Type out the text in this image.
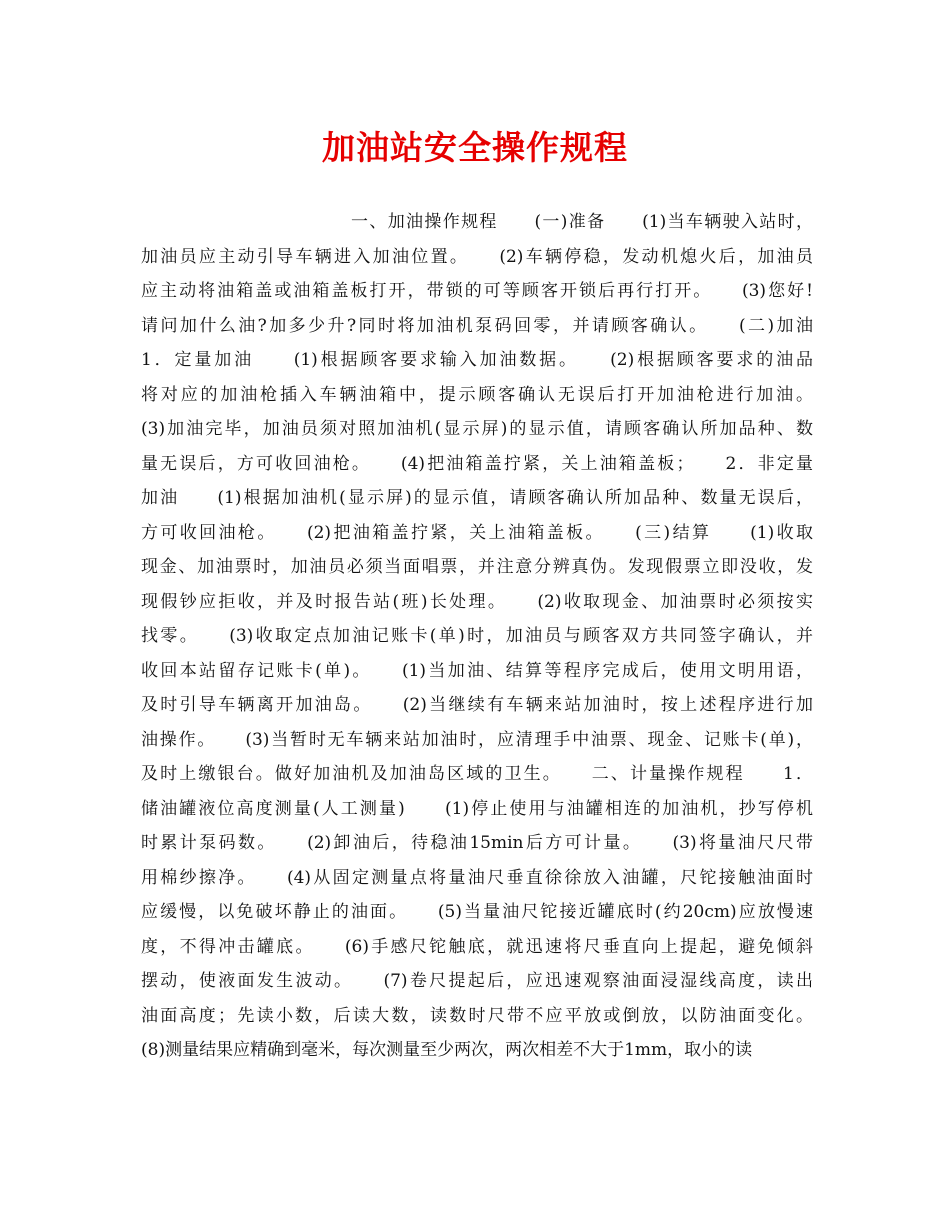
加油站安全操作规程
一、加油操作规程　　(一)准备　　(1)当车辆驶入站时，
加油员应主动引导车辆进入加油位置。　　(2)车辆停稳，发动机熄火后，加油员
应主动将油箱盖或油箱盖板打开，带锁的可等顾客开锁后再行打开。　　(3)您好!
请问加什么油?加多少升?同时将加油机泵码回零，并请顾客确认。　　(二)加油
1．定量加油　　(1)根据顾客要求输入加油数据。　　(2)根据顾客要求的油品
将对应的加油枪插入车辆油箱中，提示顾客确认无误后打开加油枪进行加油。
(3)加油完毕，加油员须对照加油机(显示屏)的显示值，请顾客确认所加品种、数
量无误后，方可收回油枪。　　(4)把油箱盖拧紧，关上油箱盖板；　　2．非定量
加油　　(1)根据加油机(显示屏)的显示值，请顾客确认所加品种、数量无误后，
方可收回油枪。　　(2)把油箱盖拧紧，关上油箱盖板。　　(三)结算　　(1)收取
现金、加油票时，加油员必须当面唱票，并注意分辨真伪。发现假票立即没收，发
现假钞应拒收，并及时报告站(班)长处理。　　(2)收取现金、加油票时必须按实
找零。　　(3)收取定点加油记账卡(单)时，加油员与顾客双方共同签字确认，并
收回本站留存记账卡(单)。　　(1)当加油、结算等程序完成后，使用文明用语，
及时引导车辆离开加油岛。　　(2)当继续有车辆来站加油时，按上述程序进行加
油操作。　　(3)当暂时无车辆来站加油时，应清理手中油票、现金、记账卡(单)，
及时上缴银台。做好加油机及加油岛区域的卫生。　　二、计量操作规程　　1．
储油罐液位高度测量(人工测量)　　(1)停止使用与油罐相连的加油机，抄写停机
时累计泵码数。　　(2)卸油后，待稳油15min后方可计量。　　(3)将量油尺尺带
用棉纱擦净。　　(4)从固定测量点将量油尺垂直徐徐放入油罐，尺铊接触油面时
应缓慢，以免破坏静止的油面。　　(5)当量油尺铊接近罐底时(约20cm)应放慢速
度，不得冲击罐底。　　(6)手感尺铊触底，就迅速将尺垂直向上提起，避免倾斜
摆动，使液面发生波动。　　(7)卷尺提起后，应迅速观察油面浸湿线高度，读出
油面高度；先读小数，后读大数，读数时尺带不应平放或倒放，以防油面变化。
(8)测量结果应精确到毫米，每次测量至少两次，两次相差不大于1mm，取小的读
